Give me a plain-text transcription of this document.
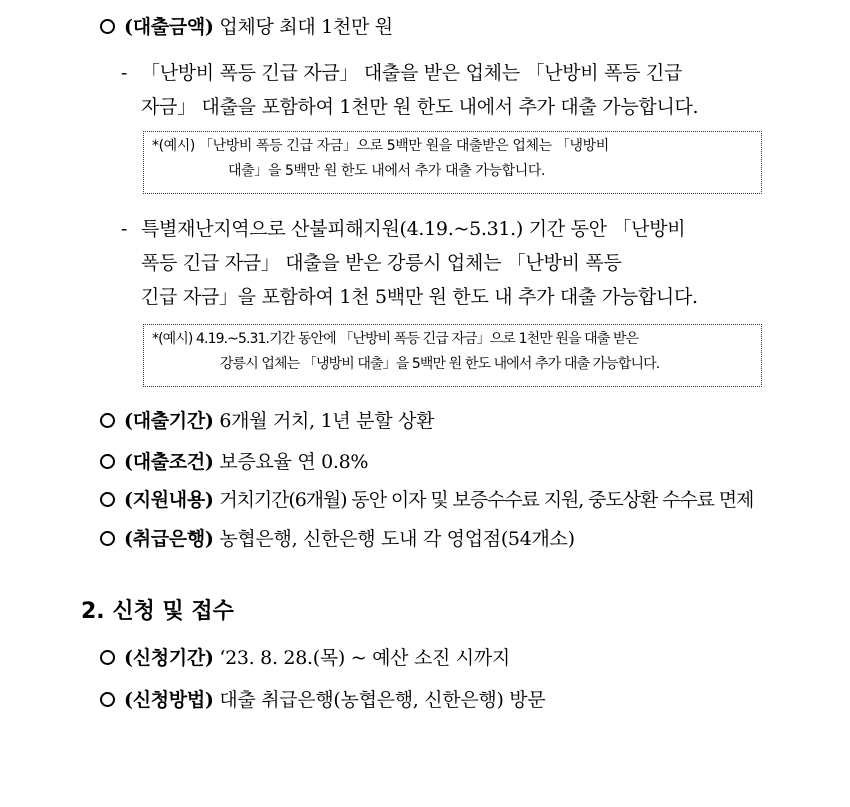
(대출금액) 업체당 최대 1천만 원
- 「난방비 폭등 긴급 자금」 대출을 받은 업체는 「난방비 폭등 긴급
자금」 대출을 포함하여 1천만 원 한도 내에서 추가 대출 가능합니다.
*(예시) 「난방비 폭등 긴급 자금」으로 5백만 원을 대출받은 업체는 「냉방비
대출」을 5백만 원 한도 내에서 추가 대출 가능합니다.
- 특별재난지역으로 산불피해지원(4.19.~5.31.) 기간 동안 「난방비
폭등 긴급 자금」 대출을 받은 강릉시 업체는 「난방비 폭등
긴급 자금」을 포함하여 1천 5백만 원 한도 내 추가 대출 가능합니다.
*(예시) 4.19.~5.31.기간 동안에 「난방비 폭등 긴급 자금」으로 1천만 원을 대출 받은
강릉시 업체는 「냉방비 대출」을 5백만 원 한도 내에서 추가 대출 가능합니다.
(대출기간) 6개월 거치, 1년 분할 상환
(대출조건) 보증요율 연 0.8%
(지원내용) 거치기간(6개월) 동안 이자 및 보증수수료 지원, 중도상환 수수료 면제
(취급은행) 농협은행, 신한은행 도내 각 영업점(54개소)
2. 신청 및 접수
(신청기간) ‘23. 8. 28.(목) ~ 예산 소진 시까지
(신청방법) 대출 취급은행(농협은행, 신한은행) 방문
